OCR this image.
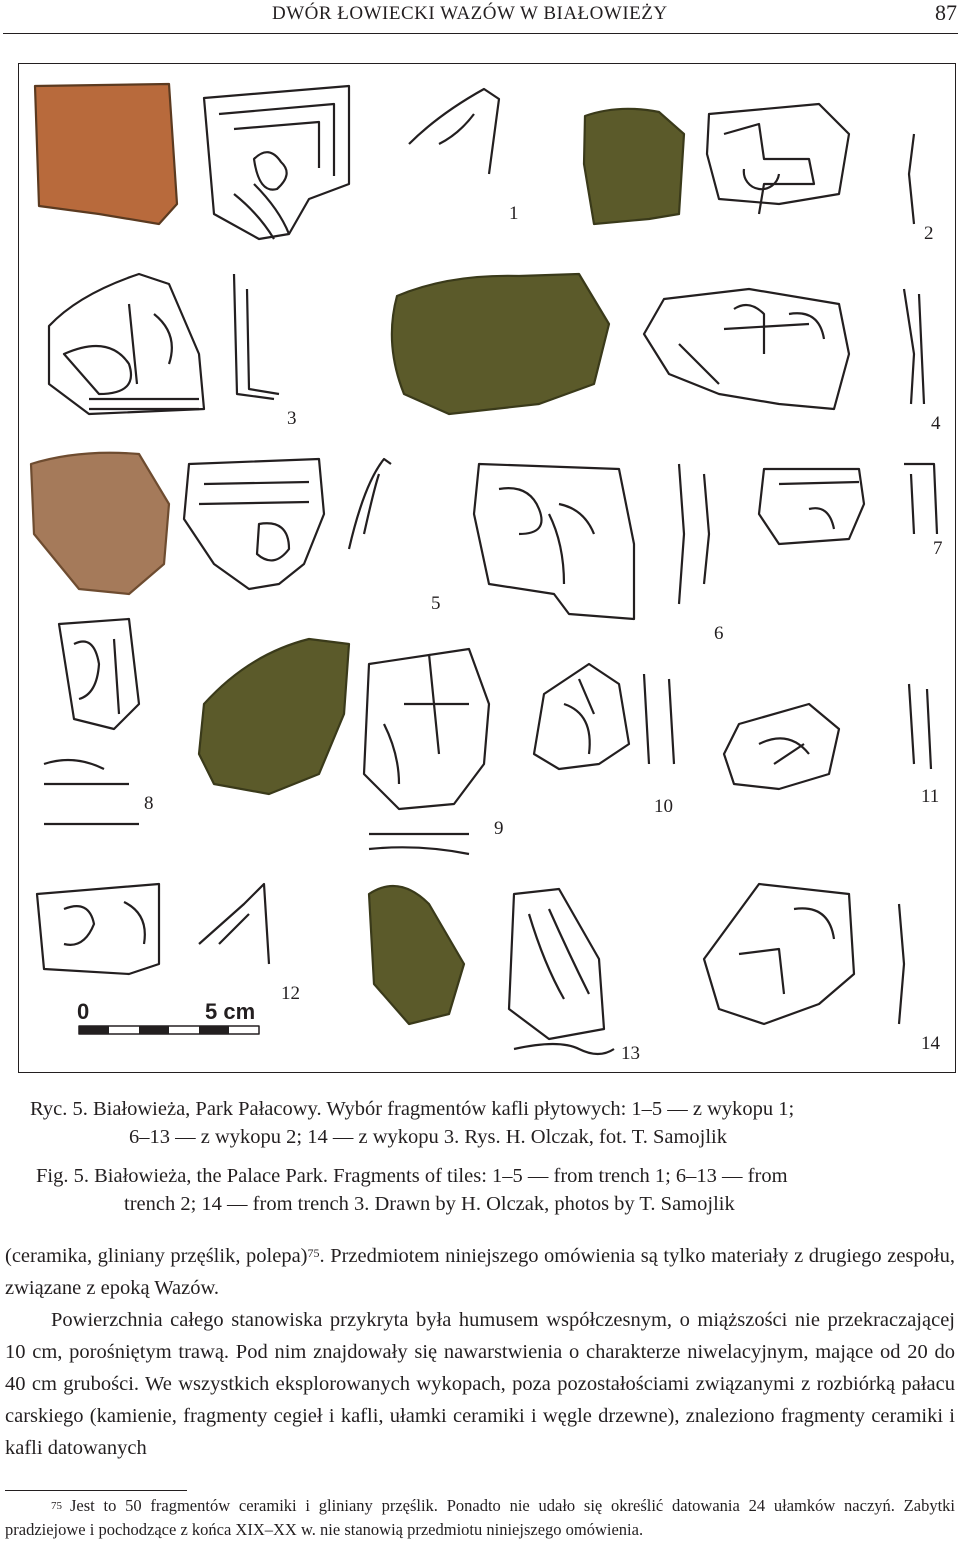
DWÓR ŁOWIECKI WAZÓW W BIAŁOWIEŻY	87
1
2
3	4
5
6
7
8
9
10	11
12
13	14
0	5 cm
Ryc. 5. Białowieża, Park Pałacowy. Wybór fragmentów kafli płytowych: 1–5 — z wykopu 1;
6–13 — z wykopu 2; 14 — z wykopu 3. Rys. H. Olczak, fot. T. Samojlik
Fig. 5. Białowieża, the Palace Park. Fragments of tiles: 1–5 — from trench 1; 6–13 — from
trench 2; 14 — from trench 3. Drawn by H. Olczak, photos by T. Samojlik

(ceramika, gliniany przęślik, polepa)$^{75}$. Przedmiotem niniejszego omówienia są tylko materiały z drugiego zespołu, związane z epoką Wazów.

Powierzchnia całego stanowiska przykryta była humusem współczesnym, o miąższości nie przekraczającej 10 cm, porośniętym trawą. Pod nim znajdowały się nawarstwienia o charakterze niwelacyjnym, mające od 20 do 40 cm grubości. We wszystkich eksplorowanych wykopach, poza pozostałościami związanymi z rozbiórką pałacu carskiego (kamienie, fragmenty cegieł i kafli, ułamki ceramiki i węgle drzewne), znaleziono fragmenty ceramiki i kafli datowanych

$^{75}$ Jest to 50 fragmentów ceramiki i gliniany przęślik. Ponadto nie udało się określić datowania 24 ułamków naczyń. Zabytki pradziejowe i pochodzące z końca XIX–XX w. nie stanowią przedmiotu niniejszego omówienia.
